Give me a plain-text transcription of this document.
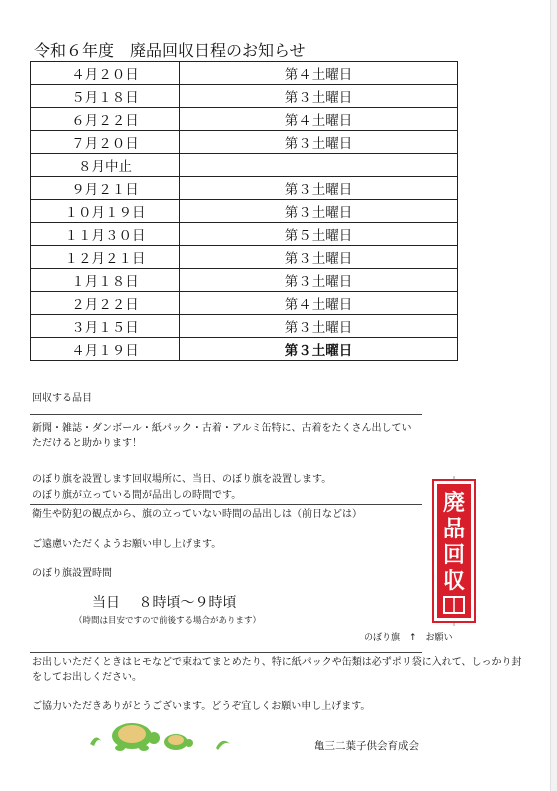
令和６年度　廃品回収日程のお知らせ
４月２０日	第４土曜日
５月１８日	第３土曜日
６月２２日	第４土曜日
７月２０日	第３土曜日
８月中止	
９月２１日	第３土曜日
１０月１９日	第３土曜日
１１月３０日	第５土曜日
１２月２１日	第３土曜日
１月１８日	第３土曜日
２月２２日	第４土曜日
３月１５日	第３土曜日
４月１９日	第３土曜日
回収する品目
新聞・雑誌・ダンボール・紙パック・古着・アルミ缶特に、古着をたくさん出してい
ただけると助かります！
のぼり旗を設置します回収場所に、当日、のぼり旗を設置します。
のぼり旗が立っている間が品出しの時間です。
衛生や防犯の観点から、旗の立っていない時間の品出しは（前日などは）
ご遠慮いただくようお願い申し上げます。
のぼり旗設置時間
当日　 ８時頃～９時頃
（時間は目安ですので前後する場合があります）
廃
品
回
収
のぼり旗　↑　お願い
お出しいただくときはヒモなどで束ねてまとめたり、特に紙パックや缶類は必ずポリ袋に入れて、しっかり封
をしてお出しください。
ご協力いただきありがとうございます。どうぞ宜しくお願い申し上げます。
亀三二葉子供会育成会
